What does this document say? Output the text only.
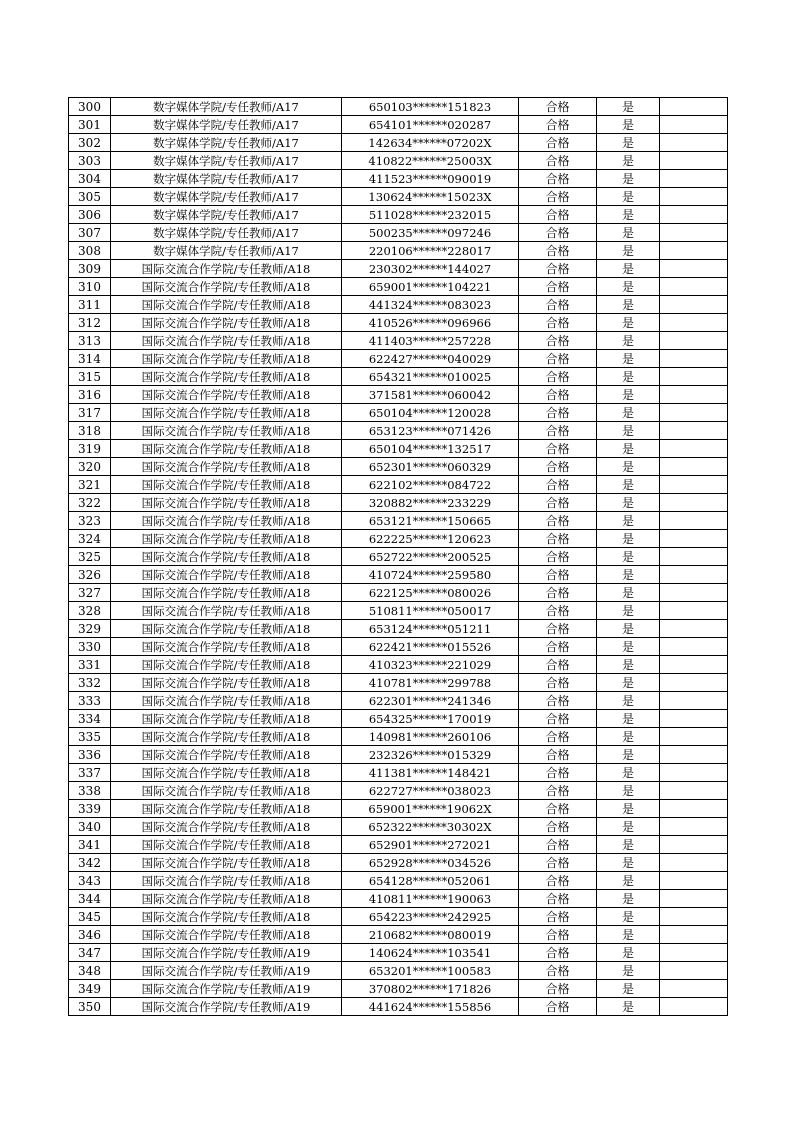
300	数字媒体学院/专任教师/A17	650103******151823	合格	是	
301	数字媒体学院/专任教师/A17	654101******020287	合格	是	
302	数字媒体学院/专任教师/A17	142634******07202X	合格	是	
303	数字媒体学院/专任教师/A17	410822******25003X	合格	是	
304	数字媒体学院/专任教师/A17	411523******090019	合格	是	
305	数字媒体学院/专任教师/A17	130624******15023X	合格	是	
306	数字媒体学院/专任教师/A17	511028******232015	合格	是	
307	数字媒体学院/专任教师/A17	500235******097246	合格	是	
308	数字媒体学院/专任教师/A17	220106******228017	合格	是	
309	国际交流合作学院/专任教师/A18	230302******144027	合格	是	
310	国际交流合作学院/专任教师/A18	659001******104221	合格	是	
311	国际交流合作学院/专任教师/A18	441324******083023	合格	是	
312	国际交流合作学院/专任教师/A18	410526******096966	合格	是	
313	国际交流合作学院/专任教师/A18	411403******257228	合格	是	
314	国际交流合作学院/专任教师/A18	622427******040029	合格	是	
315	国际交流合作学院/专任教师/A18	654321******010025	合格	是	
316	国际交流合作学院/专任教师/A18	371581******060042	合格	是	
317	国际交流合作学院/专任教师/A18	650104******120028	合格	是	
318	国际交流合作学院/专任教师/A18	653123******071426	合格	是	
319	国际交流合作学院/专任教师/A18	650104******132517	合格	是	
320	国际交流合作学院/专任教师/A18	652301******060329	合格	是	
321	国际交流合作学院/专任教师/A18	622102******084722	合格	是	
322	国际交流合作学院/专任教师/A18	320882******233229	合格	是	
323	国际交流合作学院/专任教师/A18	653121******150665	合格	是	
324	国际交流合作学院/专任教师/A18	622225******120623	合格	是	
325	国际交流合作学院/专任教师/A18	652722******200525	合格	是	
326	国际交流合作学院/专任教师/A18	410724******259580	合格	是	
327	国际交流合作学院/专任教师/A18	622125******080026	合格	是	
328	国际交流合作学院/专任教师/A18	510811******050017	合格	是	
329	国际交流合作学院/专任教师/A18	653124******051211	合格	是	
330	国际交流合作学院/专任教师/A18	622421******015526	合格	是	
331	国际交流合作学院/专任教师/A18	410323******221029	合格	是	
332	国际交流合作学院/专任教师/A18	410781******299788	合格	是	
333	国际交流合作学院/专任教师/A18	622301******241346	合格	是	
334	国际交流合作学院/专任教师/A18	654325******170019	合格	是	
335	国际交流合作学院/专任教师/A18	140981******260106	合格	是	
336	国际交流合作学院/专任教师/A18	232326******015329	合格	是	
337	国际交流合作学院/专任教师/A18	411381******148421	合格	是	
338	国际交流合作学院/专任教师/A18	622727******038023	合格	是	
339	国际交流合作学院/专任教师/A18	659001******19062X	合格	是	
340	国际交流合作学院/专任教师/A18	652322******30302X	合格	是	
341	国际交流合作学院/专任教师/A18	652901******272021	合格	是	
342	国际交流合作学院/专任教师/A18	652928******034526	合格	是	
343	国际交流合作学院/专任教师/A18	654128******052061	合格	是	
344	国际交流合作学院/专任教师/A18	410811******190063	合格	是	
345	国际交流合作学院/专任教师/A18	654223******242925	合格	是	
346	国际交流合作学院/专任教师/A18	210682******080019	合格	是	
347	国际交流合作学院/专任教师/A19	140624******103541	合格	是	
348	国际交流合作学院/专任教师/A19	653201******100583	合格	是	
349	国际交流合作学院/专任教师/A19	370802******171826	合格	是	
350	国际交流合作学院/专任教师/A19	441624******155856	合格	是	
